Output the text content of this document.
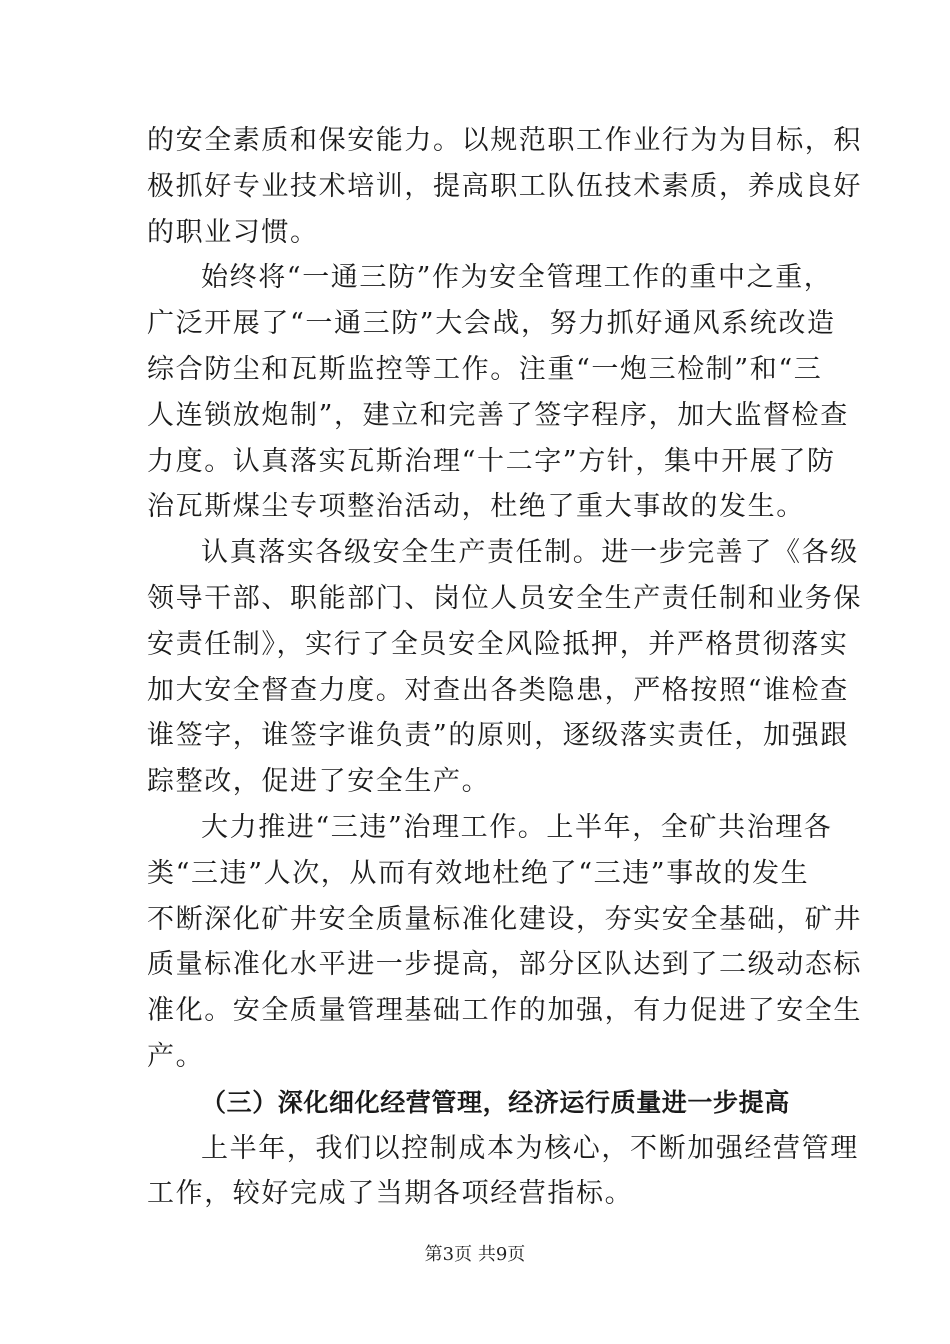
的安全素质和保安能力。以规范职工作业行为为目标，积
极抓好专业技术培训，提高职工队伍技术素质，养成良好
的职业习惯。
始终将“一通三防”作为安全管理工作的重中之重，
广泛开展了“一通三防”大会战，努力抓好通风系统改造
综合防尘和瓦斯监控等工作。注重“一炮三检制”和“三
人连锁放炮制”，建立和完善了签字程序，加大监督检查
力度。认真落实瓦斯治理“十二字”方针，集中开展了防
治瓦斯煤尘专项整治活动，杜绝了重大事故的发生。
认真落实各级安全生产责任制。进一步完善了《各级
领导干部、职能部门、岗位人员安全生产责任制和业务保
安责任制》，实行了全员安全风险抵押，并严格贯彻落实
加大安全督查力度。对查出各类隐患，严格按照“谁检查
谁签字，谁签字谁负责”的原则，逐级落实责任，加强跟
踪整改，促进了安全生产。
大力推进“三违”治理工作。上半年，全矿共治理各
类“三违”人次，从而有效地杜绝了“三违”事故的发生
不断深化矿井安全质量标准化建设，夯实安全基础，矿井
质量标准化水平进一步提高，部分区队达到了二级动态标
准化。安全质量管理基础工作的加强，有力促进了安全生
产。
（三）深化细化经营管理，经济运行质量进一步提高
上半年，我们以控制成本为核心，不断加强经营管理
工作，较好完成了当期各项经营指标。
第3页 共9页
